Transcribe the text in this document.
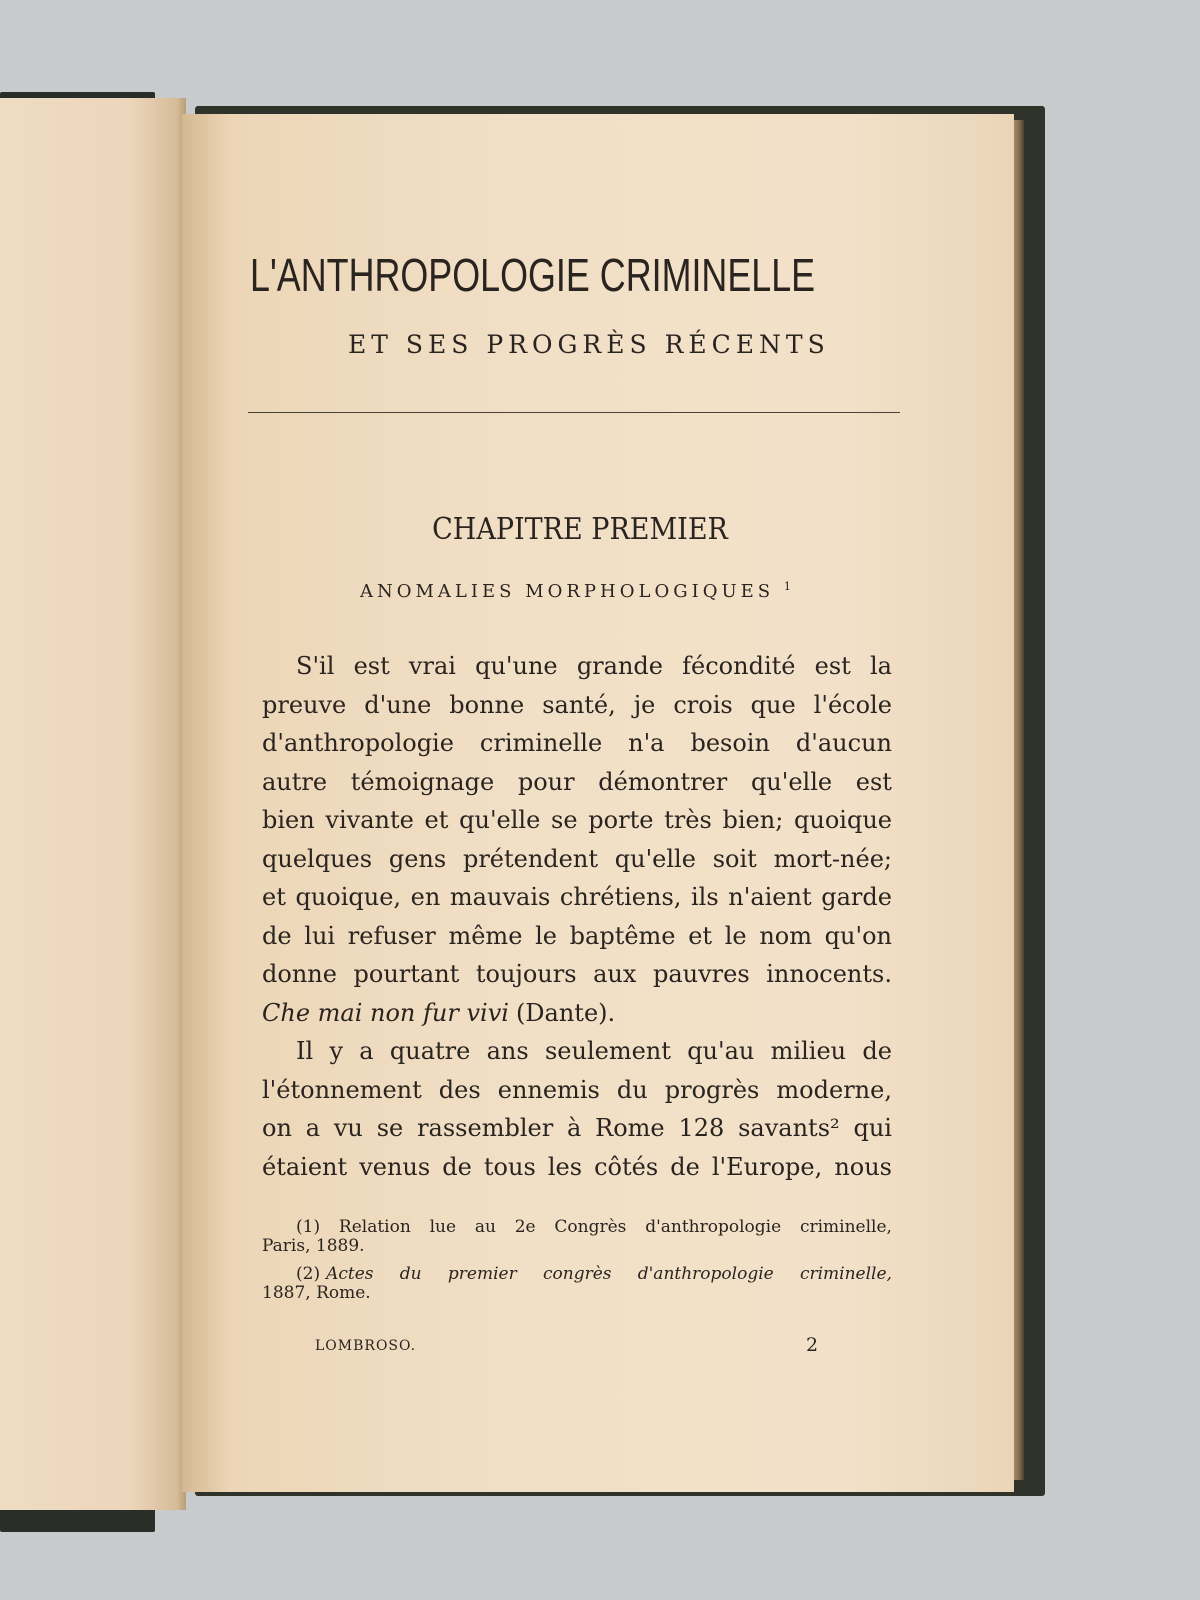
L'ANTHROPOLOGIE CRIMINELLE
ET SES PROGRÈS RÉCENTS
CHAPITRE PREMIER
ANOMALIES MORPHOLOGIQUES $^1$
S'il est vrai qu'une grande fécondité est la
preuve d'une bonne santé, je crois que l'école
d'anthropologie criminelle n'a besoin d'aucun
autre témoignage pour démontrer qu'elle est
bien vivante et qu'elle se porte très bien; quoique
quelques gens prétendent qu'elle soit mort-née;
et quoique, en mauvais chrétiens, ils n'aient garde
de lui refuser même le baptême et le nom qu'on
donne pourtant toujours aux pauvres innocents.
Che mai non fur vivi (Dante).
Il y a quatre ans seulement qu'au milieu de
l'étonnement des ennemis du progrès moderne,
on a vu se rassembler à Rome 128 savants² qui
étaient venus de tous les côtés de l'Europe, nous
(1) Relation lue au 2e Congrès d'anthropologie criminelle,
Paris, 1889.
(2) Actes du premier congrès d'anthropologie criminelle,
1887, Rome.
LOMBROSO.	2
